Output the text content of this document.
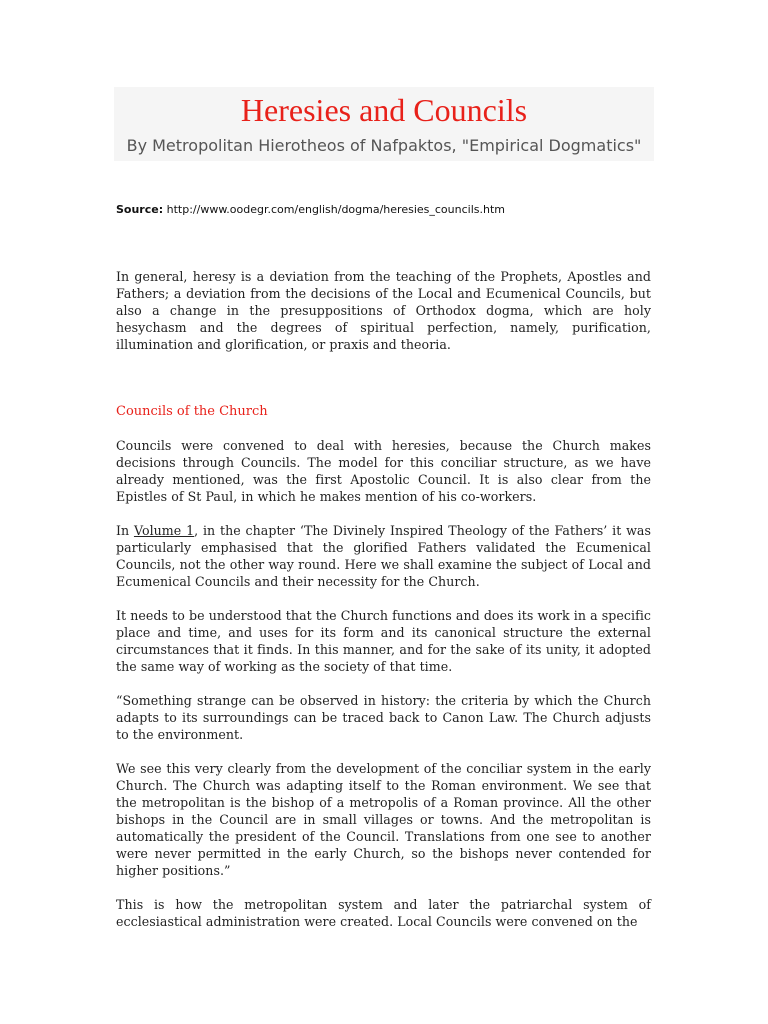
Heresies and Councils

By Metropolitan Hierotheos of Nafpaktos, "Empirical Dogmatics"

Source: http://www.oodegr.com/english/dogma/heresies_councils.htm

In general, heresy is a deviation from the teaching of the Prophets, Apostles and Fathers; a deviation from the decisions of the Local and Ecumenical Councils, but also a change in the presuppositions of Orthodox dogma, which are holy hesychasm and the degrees of spiritual perfection, namely, purification, illumination and glorification, or praxis and theoria.

Councils of the Church

Councils were convened to deal with heresies, because the Church makes decisions through Councils. The model for this conciliar structure, as we have already mentioned, was the first Apostolic Council. It is also clear from the Epistles of St Paul, in which he makes mention of his co-workers.

In Volume 1, in the chapter ‘The Divinely Inspired Theology of the Fathers’ it was particularly emphasised that the glorified Fathers validated the Ecumenical Councils, not the other way round. Here we shall examine the subject of Local and Ecumenical Councils and their necessity for the Church.

It needs to be understood that the Church functions and does its work in a specific place and time, and uses for its form and its canonical structure the external circumstances that it finds. In this manner, and for the sake of its unity, it adopted the same way of working as the society of that time.

“Something strange can be observed in history: the criteria by which the Church adapts to its surroundings can be traced back to Canon Law. The Church adjusts to the environment.

We see this very clearly from the development of the conciliar system in the early Church. The Church was adapting itself to the Roman environment. We see that the metropolitan is the bishop of a metropolis of a Roman province. All the other bishops in the Council are in small villages or towns. And the metropolitan is automatically the president of the Council. Translations from one see to another were never permitted in the early Church, so the bishops never contended for higher positions.”

This is how the metropolitan system and later the patriarchal system of ecclesiastical administration were created. Local Councils were convened on the
